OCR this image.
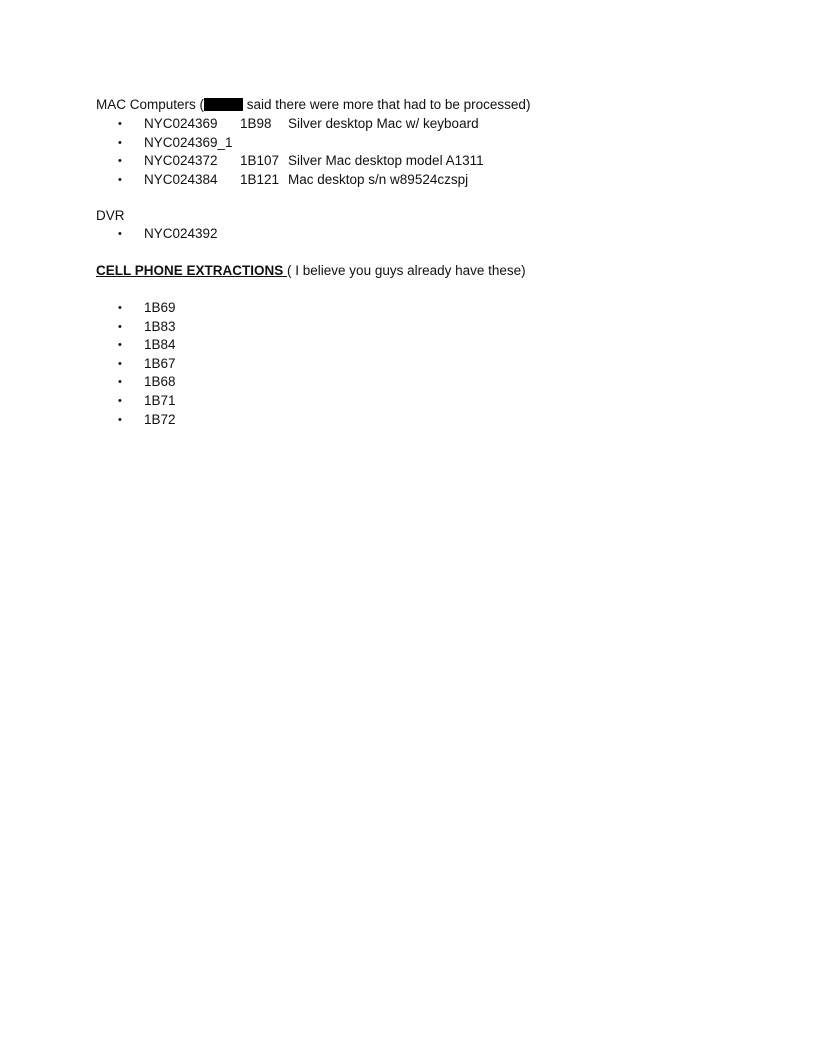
MAC Computers (	said there were more that had to be processed)
• NYC024369 1B98 Silver desktop Mac w/ keyboard
• NYC024369_1
• NYC024372 1B107 Silver Mac desktop model A1311
• NYC024384 1B121 Mac desktop s/n w89524czspj
DVR
• NYC024392
CELL PHONE EXTRACTIONS ( I believe you guys already have these)
• 1B69
• 1B83
• 1B84
• 1B67
• 1B68
• 1B71
• 1B72
